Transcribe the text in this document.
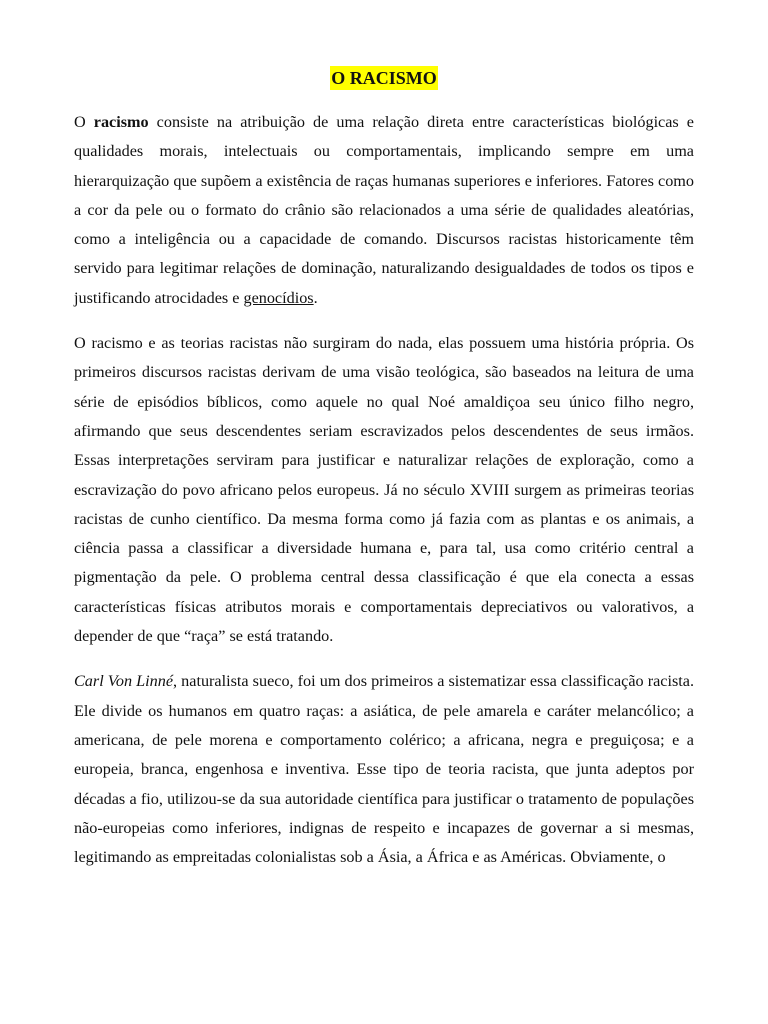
O RACISMO

O racismo consiste na atribuição de uma relação direta entre características biológicas e qualidades morais, intelectuais ou comportamentais, implicando sempre em uma hierarquização que supõem a existência de raças humanas superiores e inferiores. Fatores como a cor da pele ou o formato do crânio são relacionados a uma série de qualidades aleatórias, como a inteligência ou a capacidade de comando. Discursos racistas historicamente têm servido para legitimar relações de dominação, naturalizando desigualdades de todos os tipos e justificando atrocidades e genocídios.

O racismo e as teorias racistas não surgiram do nada, elas possuem uma história própria. Os primeiros discursos racistas derivam de uma visão teológica, são baseados na leitura de uma série de episódios bíblicos, como aquele no qual Noé amaldiçoa seu único filho negro, afirmando que seus descendentes seriam escravizados pelos descendentes de seus irmãos. Essas interpretações serviram para justificar e naturalizar relações de exploração, como a escravização do povo africano pelos europeus. Já no século XVIII surgem as primeiras teorias racistas de cunho científico. Da mesma forma como já fazia com as plantas e os animais, a ciência passa a classificar a diversidade humana e, para tal, usa como critério central a pigmentação da pele. O problema central dessa classificação é que ela conecta a essas características físicas atributos morais e comportamentais depreciativos ou valorativos, a depender de que “raça” se está tratando.

Carl Von Linné, naturalista sueco, foi um dos primeiros a sistematizar essa classificação racista. Ele divide os humanos em quatro raças: a asiática, de pele amarela e caráter melancólico; a americana, de pele morena e comportamento colérico; a africana, negra e preguiçosa; e a europeia, branca, engenhosa e inventiva. Esse tipo de teoria racista, que junta adeptos por décadas a fio, utilizou-se da sua autoridade científica para justificar o tratamento de populações não-europeias como inferiores, indignas de respeito e incapazes de governar a si mesmas, legitimando as empreitadas colonialistas sob a Ásia, a África e as Américas. Obviamente, o
